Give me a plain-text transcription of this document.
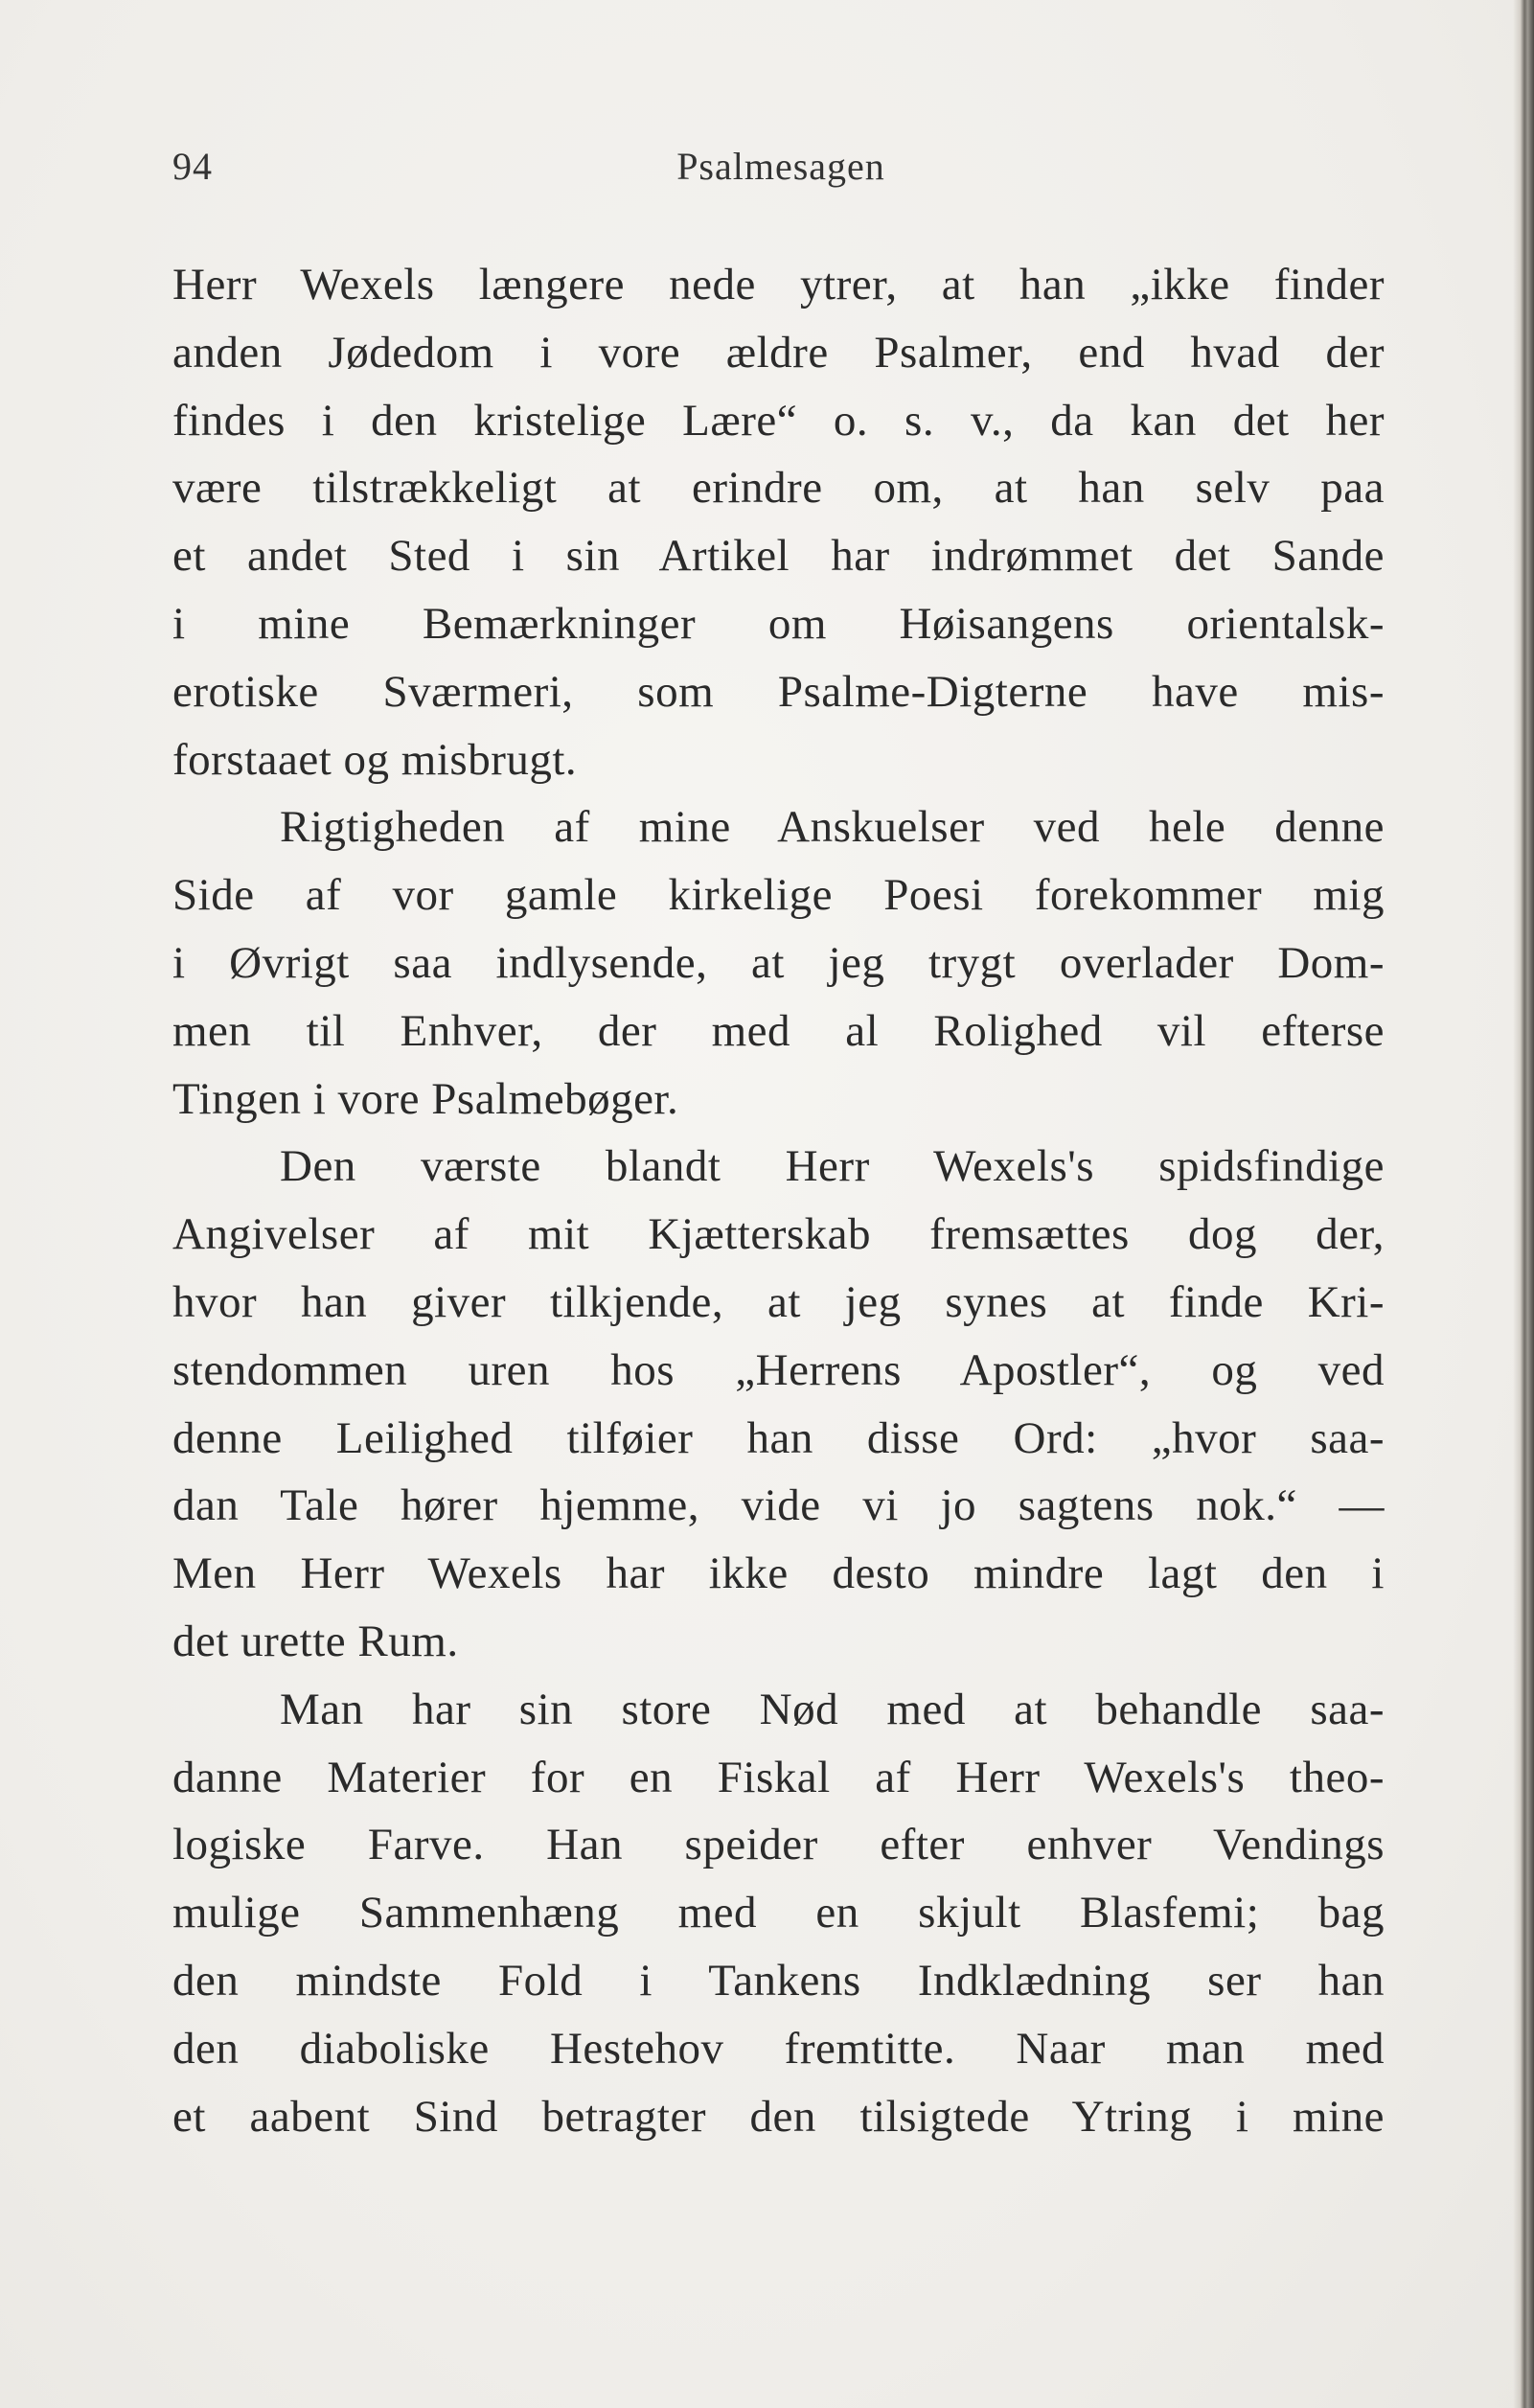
94	Psalmesagen
Herr Wexels længere nede ytrer, at han „ikke finder
anden Jødedom i vore ældre Psalmer, end hvad der
findes i den kristelige Lære“ o. s. v., da kan det her
være tilstrækkeligt at erindre om, at han selv paa
et andet Sted i sin Artikel har indrømmet det Sande
i mine Bemærkninger om Høisangens orientalsk-
erotiske Sværmeri, som Psalme-Digterne have mis-
forstaaet og misbrugt.
Rigtigheden af mine Anskuelser ved hele denne
Side af vor gamle kirkelige Poesi forekommer mig
i Øvrigt saa indlysende, at jeg trygt overlader Dom-
men til Enhver, der med al Rolighed vil efterse
Tingen i vore Psalmebøger.
Den værste blandt Herr Wexels's spidsfindige
Angivelser af mit Kjætterskab fremsættes dog der,
hvor han giver tilkjende, at jeg synes at finde Kri-
stendommen uren hos „Herrens Apostler“, og ved
denne Leilighed tilføier han disse Ord: „hvor saa-
dan Tale hører hjemme, vide vi jo sagtens nok.“ —
Men Herr Wexels har ikke desto mindre lagt den i
det urette Rum.
Man har sin store Nød med at behandle saa-
danne Materier for en Fiskal af Herr Wexels's theo-
logiske Farve. Han speider efter enhver Vendings
mulige Sammenhæng med en skjult Blasfemi; bag
den mindste Fold i Tankens Indklædning ser han
den diaboliske Hestehov fremtitte. Naar man med
et aabent Sind betragter den tilsigtede Ytring i mine
